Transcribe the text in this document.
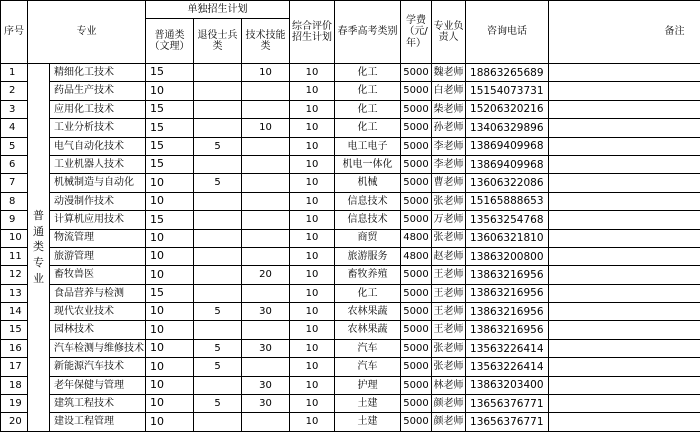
序号	专业		单独招生计划			综合评价招生计划	春季高考类别	学费（元/年）	专业负责人	咨询电话	备注
			普通类（文理）	退役士兵类	技术技能类						
1	普通类专业	精细化工技术	15		10	10	化工	5000	魏老师	18863265689	
2		药品生产技术	10			10	化工	5000	白老师	15154073731	
3		应用化工技术	15			10	化工	5000	柴老师	15206320216	
4		工业分析技术	15		10	10	化工	5000	孙老师	13406329896	
5		电气自动化技术	15	5		10	电工电子	5000	李老师	13869409968	
6		工业机器人技术	15			10	机电一体化	5000	李老师	13869409968	
7		机械制造与自动化	10	5		10	机械	5000	曹老师	13606322086	
8		动漫制作技术	10			10	信息技术	5000	张老师	15165888653	
9		计算机应用技术	15			10	信息技术	5000	万老师	13563254768	
10		物流管理	10			10	商贸	4800	张老师	13606321810	
11		旅游管理	10			10	旅游服务	4800	赵老师	13863200800	
12		畜牧兽医	10		20	10	畜牧养殖	5000	王老师	13863216956	
13		食品营养与检测	15			10	化工	5000	王老师	13863216956	
14		现代农业技术	10	5	30	10	农林果蔬	5000	王老师	13863216956	
15		园林技术	10			10	农林果蔬	5000	王老师	13863216956	
16		汽车检测与维修技术	10	5	30	10	汽车	5000	张老师	13563226414	
17		新能源汽车技术	10	5		10	汽车	5000	张老师	13563226414	
18		老年保健与管理	10		30	10	护理	5000	林老师	13863203400	
19		建筑工程技术	10	5	30	10	土建	5000	颜老师	13656376771	
20		建设工程管理	10			10	土建	5000	颜老师	13656376771	
